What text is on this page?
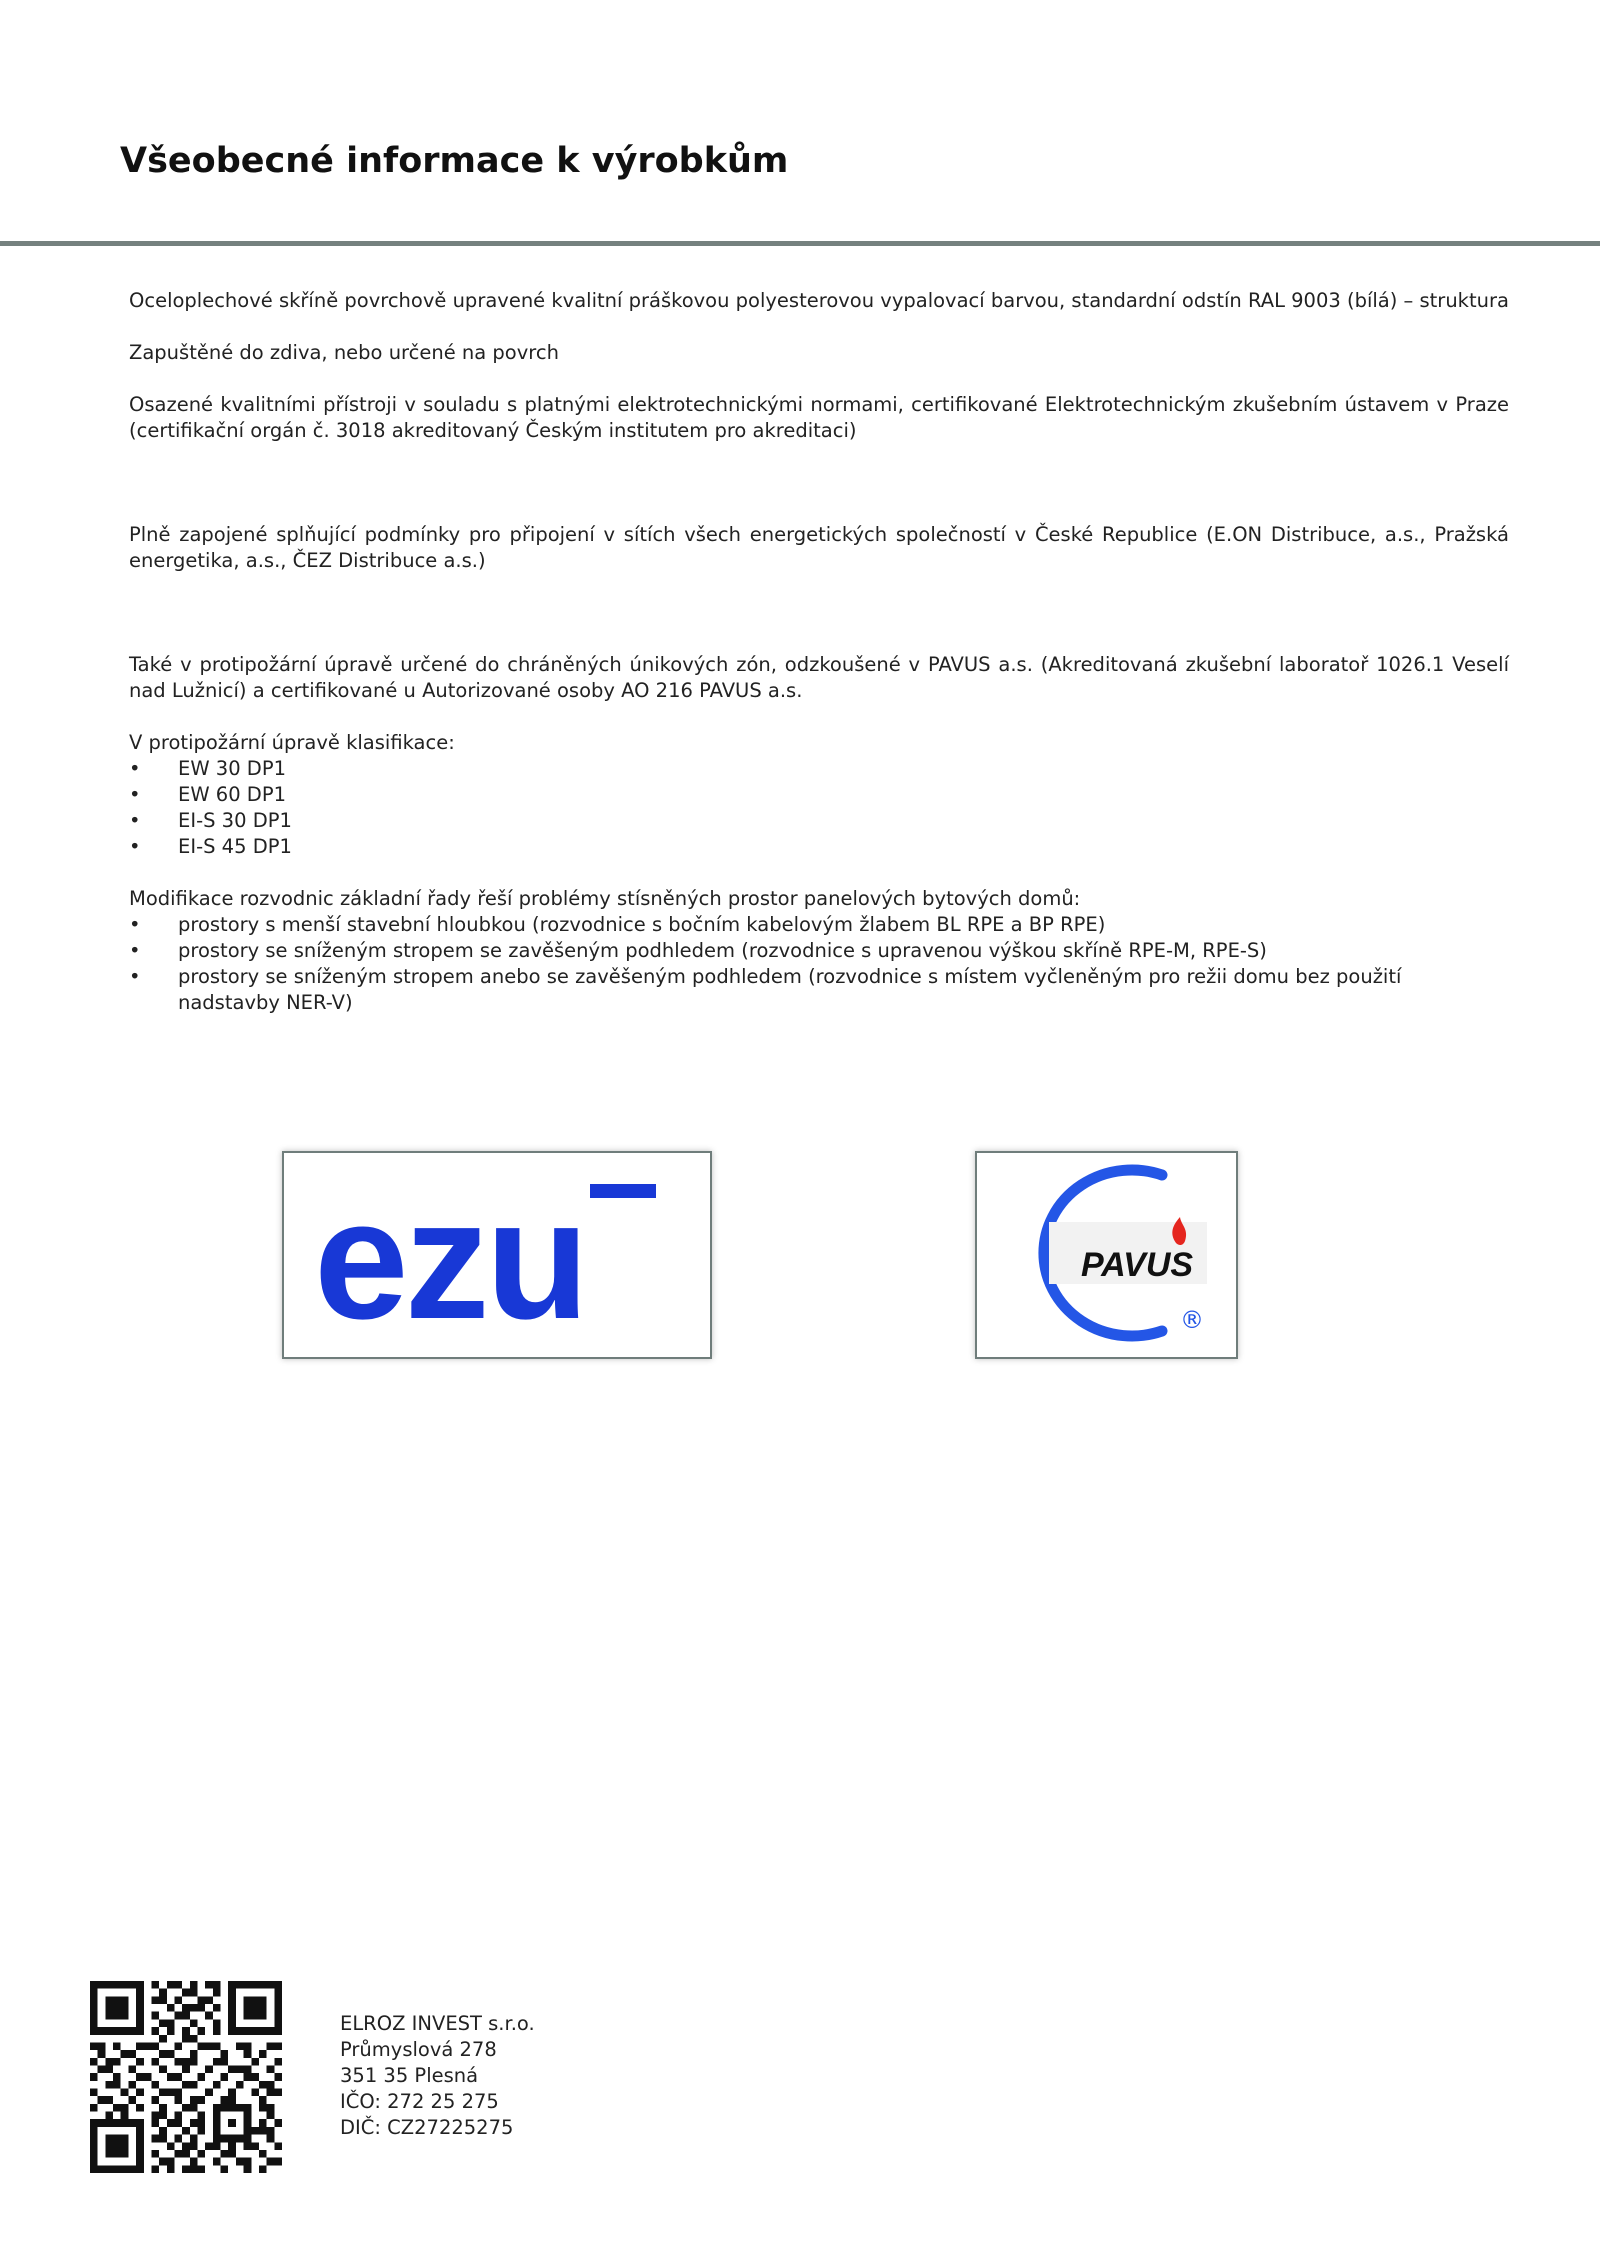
Všeobecné informace k výrobkům

Oceloplechové skříně povrchově upravené kvalitní práškovou polyesterovou vypalovací barvou, standardní odstín RAL 9003 (bílá) – struktura

Zapuštěné do zdiva, nebo určené na povrch

Osazené kvalitními přístroji v souladu s platnými elektrotechnickými normami, certifikované Elektrotechnickým zkušebním ústavem v Praze (certifikační orgán č. 3018 akreditovaný Českým institutem pro akreditaci)

Plně zapojené splňující podmínky pro připojení v sítích všech energetických společností v České Republice (E.ON Distribuce, a.s., Pražská energetika, a.s., ČEZ Distribuce a.s.)

Také v protipožární úpravě určené do chráněných únikových zón, odzkoušené v PAVUS a.s. (Akreditovaná zkušební laboratoř 1026.1 Veselí nad Lužnicí) a certifikované u Autorizované osoby AO 216 PAVUS a.s.

V protipožární úpravě klasifikace:

• EW 30 DP1
• EW 60 DP1
• EI-S 30 DP1
• EI-S 45 DP1

Modifikace rozvodnic základní řady řeší problémy stísněných prostor panelových bytových domů:

• prostory s menší stavební hloubkou (rozvodnice s bočním kabelovým žlabem BL RPE a BP RPE)
• prostory se sníženým stropem se zavěšeným podhledem (rozvodnice s upravenou výškou skříně RPE-M, RPE-S)
• prostory se sníženým stropem anebo se zavěšeným podhledem (rozvodnice s místem vyčleněným pro režii domu bez použití nadstavby NER-V)

ezu	PAVUS
®
ELROZ INVEST s.r.o.
Průmyslová 278
351 35 Plesná
IČO: 272 25 275
DIČ: CZ27225275
